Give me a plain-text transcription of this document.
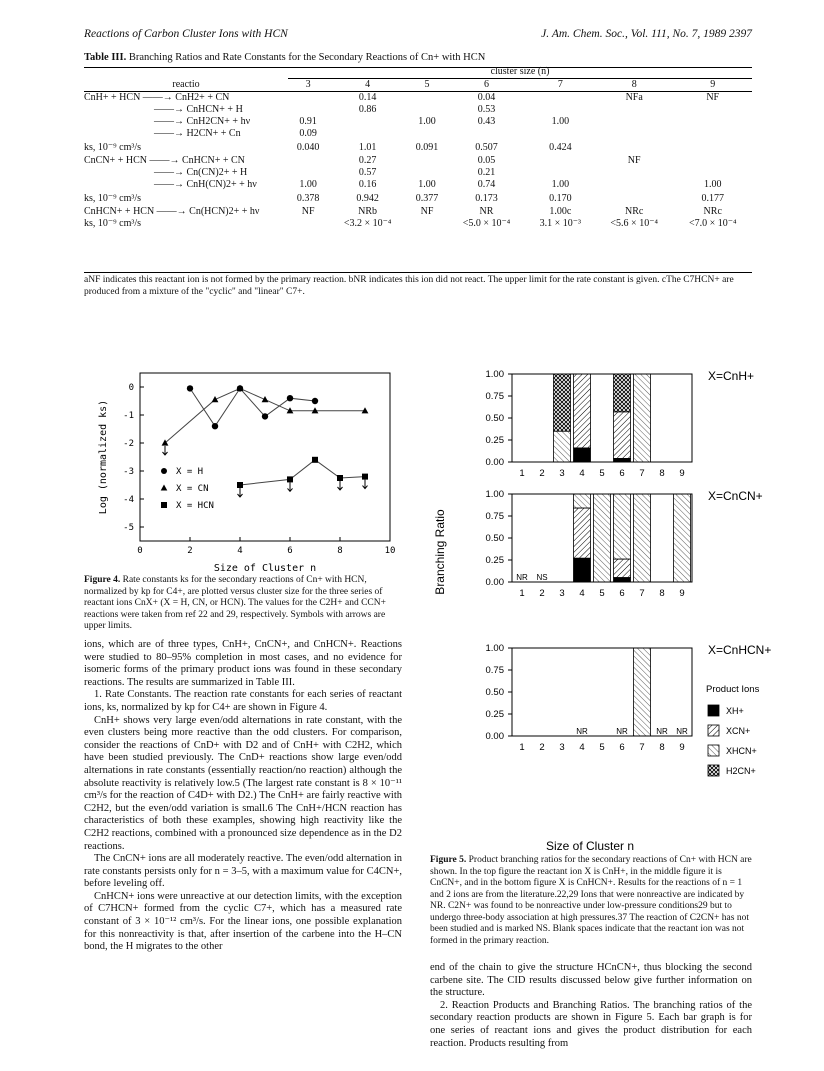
Reactions of Carbon Cluster Ions with HCN	J. Am. Chem. Soc., Vol. 111, No. 7, 1989 2397
Table III. Branching Ratios and Rate Constants for the Secondary Reactions of Cn+ with HCN
	cluster size (n)						
reactio	3	4	5	6	7	8	9
CnH+ + HCN ——→ CnH2+ + CN		0.14		0.04		NFa	NF
——→ CnHCN+ + H		0.86		0.53			
——→ CnH2CN+ + hν	0.91		1.00	0.43	1.00		
——→ H2CN+ + Cn	0.09						
ks, 10⁻⁹ cm³/s	0.040	1.01	0.091	0.507	0.424		
CnCN+ + HCN ——→ CnHCN+ + CN		0.27		0.05		NF	
——→ Cn(CN)2+ + H		0.57		0.21			
——→ CnH(CN)2+ + hν	1.00	0.16	1.00	0.74	1.00		1.00
ks, 10⁻⁹ cm³/s	0.378	0.942	0.377	0.173	0.170		0.177
CnHCN+ + HCN ——→ Cn(HCN)2+ + hν	NF	NRb	NF	NR	1.00c	NRc	NRc
ks, 10⁻⁹ cm³/s		<3.2 × 10⁻⁴		<5.0 × 10⁻⁴	3.1 × 10⁻³	<5.6 × 10⁻⁴	<7.0 × 10⁻⁴
aNF indicates this reactant ion is not formed by the primary reaction. bNR indicates this ion did not react. The upper limit for the rate constant is given. cThe C7HCN+ are produced from a mixture of the "cyclic" and "linear" C7+.
Log (normalized ks)
Size of Cluster n
0	2	4	6	8	10
0
-1
-2
-3
-4
-5
X = H
X = CN
X = HCN
Figure 4. Rate constants ks for the secondary reactions of Cn+ with HCN, normalized by kp for C4+, are plotted versus cluster size for the three series of reactant ions CnX+ (X = H, CN, or HCN). The values for the C2H+ and CCN+ reactions were taken from ref 22 and 29, respectively. Symbols with arrows are upper limits.
Branching Ratio
1.00
0.75
0.50
0.25
0.00
1 2 3 4 5 6 7 8 9
X=CnH+
1.00
0.75
0.50
0.25
0.00
1 2 3 4 5 6 7 8 9
NR NS
X=CnCN+
1.00
0.75
0.50
0.25
0.00
1 2 3 4 5 6 7 8 9
NR	NR	NR NR
X=CnHCN+
Size of Cluster n
Product Ions
XH+
XCN+
XHCN+
H2CN+
Figure 5. Product branching ratios for the secondary reactions of Cn+ with HCN are shown. In the top figure the reactant ion X is CnH+, in the middle figure it is CnCN+, and in the bottom figure X is CnHCN+. Results for the reactions of n = 1 and 2 ions are from the literature.22,29 Ions that were nonreactive are indicated by NR. C2N+ was found to be nonreactive under low-pressure conditions29 but to undergo three-body association at high pressures.37 The reaction of C2CN+ has not been studied and is marked NS. Blank spaces indicate that the reactant ion was not formed in the primary reaction.

ions, which are of three types, CnH+, CnCN+, and CnHCN+. Reactions were studied to 80–95% completion in most cases, and no evidence for isomeric forms of the primary product ions was found in these secondary reactions. The results are summarized in Table III.

1. Rate Constants. The reaction rate constants for each series of reactant ions, ks, normalized by kp for C4+ are shown in Figure 4.

CnH+ shows very large even/odd alternations in rate constant, with the even clusters being more reactive than the odd clusters. For comparison, consider the reactions of CnD+ with D2 and of CnH+ with C2H2, which have been studied previously. The CnD+ reactions show large even/odd alternations in rate constants (essentially reaction/no reaction) although the absolute reactivity is relatively low.5 (The largest rate constant is 8 × 10⁻¹¹ cm³/s for the reaction of C4D+ with D2.) The CnH+ are fairly reactive with C2H2, but the even/odd variation is small.6 The CnH+/HCN reaction has characteristics of both these examples, showing high reactivity like the C2H2 reactions, combined with a pronounced size dependence as in the D2 reactions.

The CnCN+ ions are all moderately reactive. The even/odd alternation in rate constants persists only for n = 3–5, with a maximum value for C4CN+, before leveling off.

CnHCN+ ions were unreactive at our detection limits, with the exception of C7HCN+ formed from the cyclic C7+, which has a measured rate constant of 3 × 10⁻¹² cm³/s. For the linear ions, one possible explanation for this nonreactivity is that, after insertion of the carbene into the H–CN bond, the H migrates to the other

end of the chain to give the structure HCnCN+, thus blocking the second carbene site. The CID results discussed below give further information on the structure.

2. Reaction Products and Branching Ratios. The branching ratios of the secondary reaction products are shown in Figure 5. Each bar graph is for one series of reactant ions and gives the product distribution for each reaction. Products resulting from
